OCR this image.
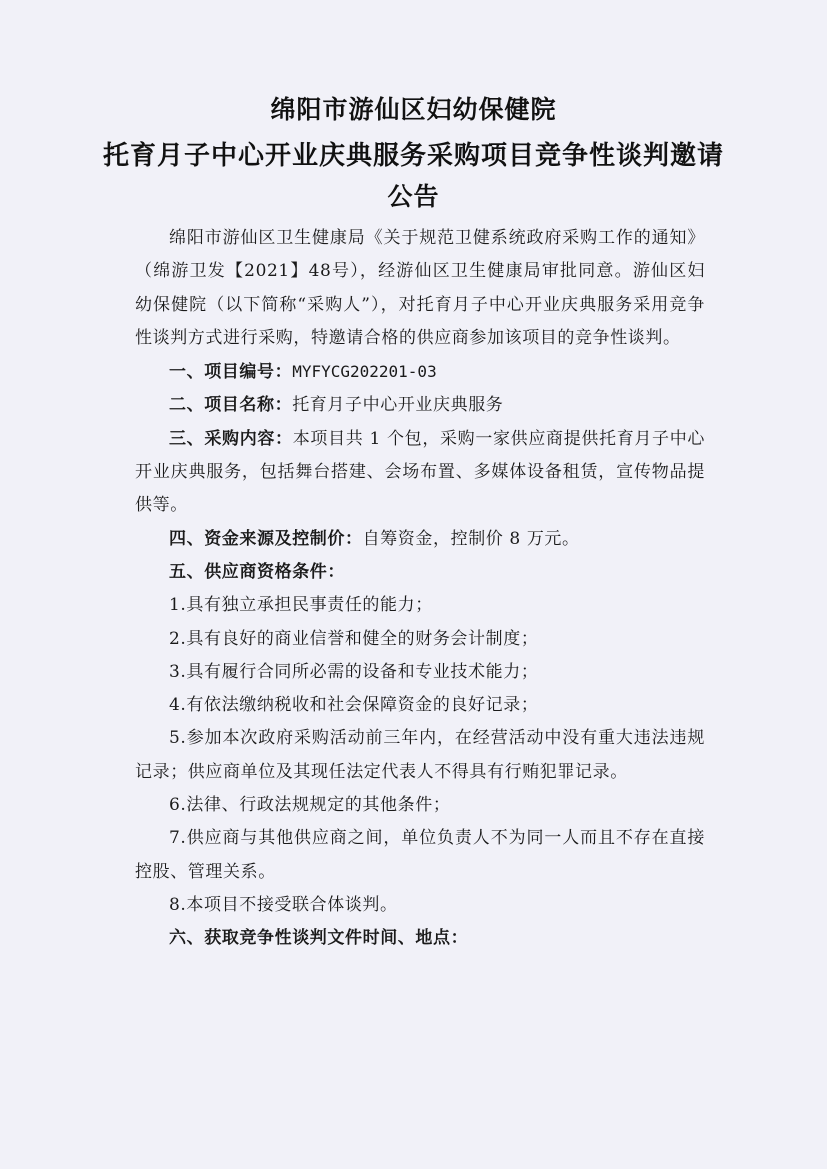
绵阳市游仙区妇幼保健院
托育月子中心开业庆典服务采购项目竞争性谈判邀请
公告

绵阳市游仙区卫生健康局《关于规范卫健系统政府采购工作的通知》（绵游卫发【2021】48号），经游仙区卫生健康局审批同意。游仙区妇幼保健院（以下简称“采购人”），对托育月子中心开业庆典服务采用竞争性谈判方式进行采购，特邀请合格的供应商参加该项目的竞争性谈判。

一、项目编号：MYFYCG202201-03

二、项目名称：托育月子中心开业庆典服务

三、采购内容：本项目共 1 个包，采购一家供应商提供托育月子中心开业庆典服务，包括舞台搭建、会场布置、多媒体设备租赁，宣传物品提供等。

四、资金来源及控制价：自筹资金，控制价 8 万元。

五、供应商资格条件：

1.具有独立承担民事责任的能力；

2.具有良好的商业信誉和健全的财务会计制度；

3.具有履行合同所必需的设备和专业技术能力；

4.有依法缴纳税收和社会保障资金的良好记录；

5.参加本次政府采购活动前三年内，在经营活动中没有重大违法违规记录；供应商单位及其现任法定代表人不得具有行贿犯罪记录。

6.法律、行政法规规定的其他条件；

7.供应商与其他供应商之间，单位负责人不为同一人而且不存在直接控股、管理关系。

8.本项目不接受联合体谈判。

六、获取竞争性谈判文件时间、地点：
